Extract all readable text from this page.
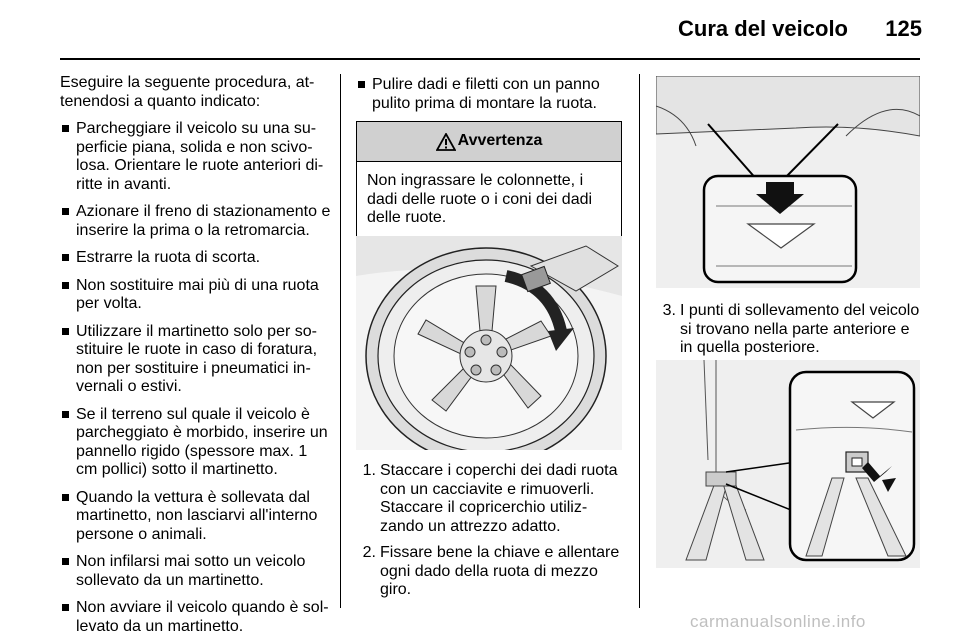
Cura del veicolo 125

Eseguire la seguente procedura, at- tenendosi a quanto indicato:

Parcheggiare il veicolo su una su- perficie piana, solida e non scivo- losa. Orientare le ruote anteriori di- ritte in avanti.
Azionare il freno di stazionamento e inserire la prima o la retromarcia.
Estrarre la ruota di scorta.
Non sostituire mai più di una ruota per volta.
Utilizzare il martinetto solo per so- stituire le ruote in caso di foratura, non per sostituire i pneumatici in- vernali o estivi.
Se il terreno sul quale il veicolo è parcheggiato è morbido, inserire un pannello rigido (spessore max. 1 cm pollici) sotto il martinetto.
Quando la vettura è sollevata dal martinetto, non lasciarvi all'interno persone o animali.
Non infilarsi mai sotto un veicolo sollevato da un martinetto.
Non avviare il veicolo quando è sol- levato da un martinetto.
Pulire dadi e filetti con un panno pulito prima di montare la ruota.
Avvertenza
Non ingrassare le colonnette, i dadi delle ruote o i coni dei dadi delle ruote.
1. Staccare i coperchi dei dadi ruota con un cacciavite e rimuoverli. Staccare il copricerchio utiliz- zando un attrezzo adatto.
2. Fissare bene la chiave e allentare ogni dado della ruota di mezzo giro.
3. I punti di sollevamento del veicolo si trovano nella parte anteriore e in quella posteriore.
carmanualsonline.info
